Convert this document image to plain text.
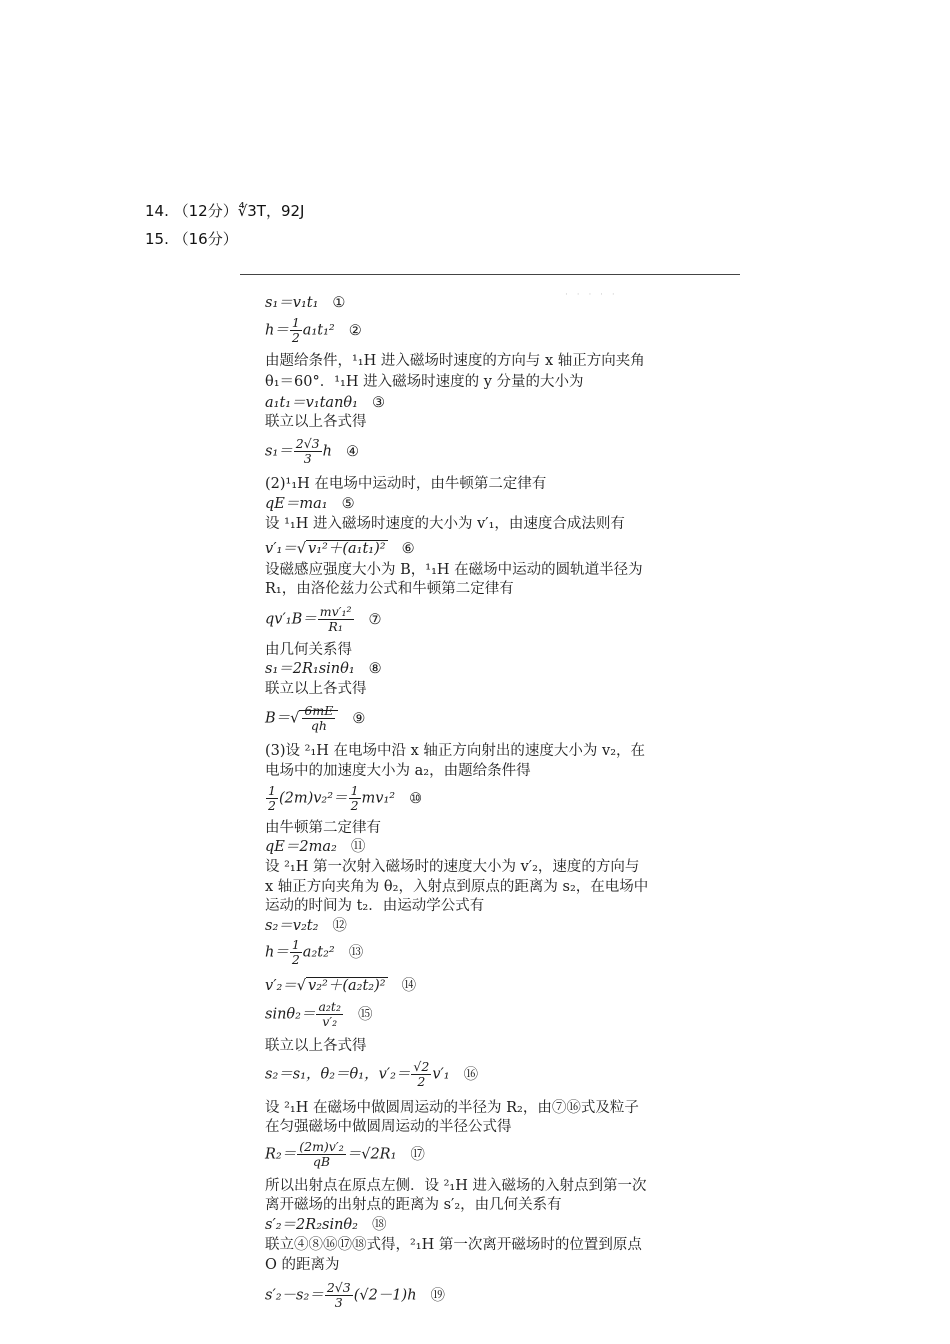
14. （12分）∜3T，92J
15. （16分）
· · · · ·
s₁＝v₁t₁ ①
$h= \frac{1}{2} a_1t_1^2$ ②
由题给条件，¹₁H 进入磁场时速度的方向与 x 轴正方向夹角
θ₁＝60°．¹₁H 进入磁场时速度的 y 分量的大小为
a₁t₁＝v₁tanθ₁ ③
联立以上各式得
$s_1= \frac{2√3}{3}$ h ④
(2)¹₁H 在电场中运动时，由牛顿第二定律有
qE＝ma₁ ⑤
设 ¹₁H 进入磁场时速度的大小为 v′₁，由速度合成法则有
v′₁＝√ v₁²＋(a₁t₁)² ⑥
设磁感应强度大小为 B，¹₁H 在磁场中运动的圆轨道半径为
R₁，由洛伦兹力公式和牛顿第二定律有
$qv'_1B= \frac{\text{mv′₁²}}{\text{R₁}}$ ⑦
由几何关系得
s₁＝2R₁sinθ₁ ⑧
联立以上各式得
$B=√ \frac{6mE}{qh}$ ⑨
(3)设 ²₁H 在电场中沿 x 轴正方向射出的速度大小为 v₂，在
电场中的加速度大小为 a₂，由题给条件得
$\frac{1}{2} (2m)v_2^2= \frac{1}{2} mv_1^2$ ⑩
由牛顿第二定律有
qE＝2ma₂ ⑪
设 ²₁H 第一次射入磁场时的速度大小为 v′₂，速度的方向与
x 轴正方向夹角为 θ₂，入射点到原点的距离为 s₂，在电场中
运动的时间为 t₂．由运动学公式有
s₂＝v₂t₂ ⑫
$h= \frac{1}{2} a_2t_2^2$ ⑬
v′₂＝√ v₂²＋(a₂t₂)² ⑭
$\sin\theta_2= \frac{\text{a₂t₂}}{\text{v′₂}}$ ⑮
联立以上各式得
s₂＝s₁，θ₂＝θ₁，$v'_2= \frac{√2}{2} v'_1$ ⑯
设 ²₁H 在磁场中做圆周运动的半径为 R₂，由⑦⑯式及粒子
在匀强磁场中做圆周运动的半径公式得
$R_2= \frac{\text{(2m)v′₂}}{qB} =√2R_1$ ⑰
所以出射点在原点左侧．设 ²₁H 进入磁场的入射点到第一次
离开磁场的出射点的距离为 s′₂，由几何关系有
s′₂＝2R₂sinθ₂ ⑱
联立④⑧⑯⑰⑱式得，²₁H 第一次离开磁场时的位置到原点
O 的距离为
$s'_2-s_2= \frac{2√3}{3} (√2-1)h$ ⑲
